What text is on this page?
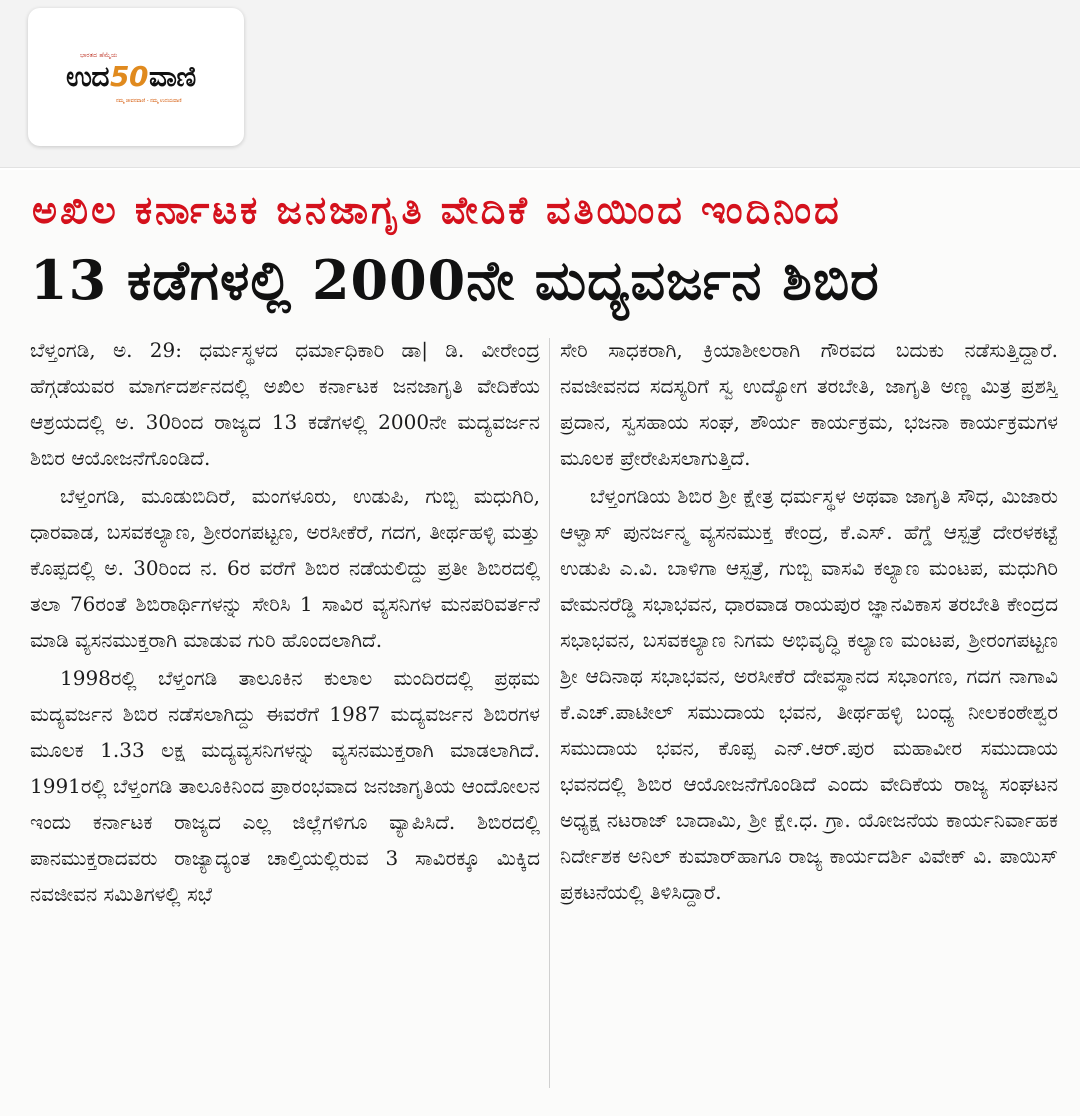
ಭಾರತದ ಹೆಮ್ಮೆಯ
ಉದ50ವಾಣಿ
ನಮ್ಮ ಜೀವನವಾಣಿ - ನಮ್ಮ ಉದಯವಾಣಿ
ಅಖಿಲ ಕರ್ನಾಟಕ ಜನಜಾಗೃತಿ ವೇದಿಕೆ ವತಿಯಿಂದ ಇಂದಿನಿಂದ
13 ಕಡೆಗಳಲ್ಲಿ 2000ನೇ ಮದ್ಯವರ್ಜನ ಶಿಬಿರ

ಬೆಳ್ತಂಗಡಿ, ಅ. 29: ಧರ್ಮಸ್ಥಳದ ಧರ್ಮಾಧಿಕಾರಿ ಡಾ| ಡಿ. ವೀರೇಂದ್ರ ಹೆಗ್ಗಡೆಯವರ ಮಾರ್ಗದರ್ಶನದಲ್ಲಿ ಅಖಿಲ ಕರ್ನಾಟಕ ಜನಜಾಗೃತಿ ವೇದಿಕೆಯ ಆಶ್ರಯದಲ್ಲಿ ಅ. 30ರಿಂದ ರಾಜ್ಯದ 13 ಕಡೆಗಳಲ್ಲಿ 2000ನೇ ಮದ್ಯವರ್ಜನ ಶಿಬಿರ ಆಯೋಜನೆಗೊಂಡಿದೆ.

ಬೆಳ್ತಂಗಡಿ, ಮೂಡುಬಿದಿರೆ, ಮಂಗಳೂರು, ಉಡುಪಿ, ಗುಬ್ಬಿ ಮಧುಗಿರಿ, ಧಾರವಾಡ, ಬಸವಕಲ್ಯಾಣ, ಶ್ರೀರಂಗಪಟ್ಟಣ, ಅರಸೀಕೆರೆ, ಗದಗ, ತೀರ್ಥಹಳ್ಳಿ ಮತ್ತು ಕೊಪ್ಪದಲ್ಲಿ ಅ. 30ರಿಂದ ನ. 6ರ ವರೆಗೆ ಶಿಬಿರ ನಡೆಯಲಿದ್ದು ಪ್ರತೀ ಶಿಬಿರದಲ್ಲಿ ತಲಾ 76ರಂತೆ ಶಿಬಿರಾರ್ಥಿಗಳನ್ನು ಸೇರಿಸಿ 1 ಸಾವಿರ ವ್ಯಸನಿಗಳ ಮನಪರಿವರ್ತನೆ ಮಾಡಿ ವ್ಯಸನಮುಕ್ತರಾಗಿ ಮಾಡುವ ಗುರಿ ಹೊಂದಲಾಗಿದೆ.

1998ರಲ್ಲಿ ಬೆಳ್ತಂಗಡಿ ತಾಲೂಕಿನ ಕುಲಾಲ ಮಂದಿರದಲ್ಲಿ ಪ್ರಥಮ ಮದ್ಯವರ್ಜನ ಶಿಬಿರ ನಡೆಸಲಾಗಿದ್ದು ಈವರೆಗೆ 1987 ಮದ್ಯವರ್ಜನ ಶಿಬಿರಗಳ ಮೂಲಕ 1.33 ಲಕ್ಷ ಮದ್ಯವ್ಯಸನಿಗಳನ್ನು ವ್ಯಸನಮುಕ್ತರಾಗಿ ಮಾಡಲಾಗಿದೆ. 1991ರಲ್ಲಿ ಬೆಳ್ತಂಗಡಿ ತಾಲೂಕಿನಿಂದ ಪ್ರಾರಂಭವಾದ ಜನಜಾಗೃತಿಯ ಆಂದೋಲನ ಇಂದು ಕರ್ನಾಟಕ ರಾಜ್ಯದ ಎಲ್ಲ ಜಿಲ್ಲೆಗಳಿಗೂ ವ್ಯಾಪಿಸಿದೆ. ಶಿಬಿರದಲ್ಲಿ ಪಾನಮುಕ್ತರಾದವರು ರಾಜ್ಯಾದ್ಯಂತ ಚಾಲ್ತಿಯಲ್ಲಿರುವ 3 ಸಾವಿರಕ್ಕೂ ಮಿಕ್ಕಿದ ನವಜೀವನ ಸಮಿತಿಗಳಲ್ಲಿ ಸಭೆ

ಸೇರಿ ಸಾಧಕರಾಗಿ, ಕ್ರಿಯಾಶೀಲರಾಗಿ ಗೌರವದ ಬದುಕು ನಡೆಸುತ್ತಿದ್ದಾರೆ. ನವಜೀವನದ ಸದಸ್ಯರಿಗೆ ಸ್ವ ಉದ್ಯೋಗ ತರಬೇತಿ, ಜಾಗೃತಿ ಅಣ್ಣ ಮಿತ್ರ ಪ್ರಶಸ್ತಿ ಪ್ರದಾನ, ಸ್ವಸಹಾಯ ಸಂಘ, ಶೌರ್ಯ ಕಾರ್ಯಕ್ರಮ, ಭಜನಾ ಕಾರ್ಯಕ್ರಮಗಳ ಮೂಲಕ ಪ್ರೇರೇಪಿಸಲಾಗುತ್ತಿದೆ.

ಬೆಳ್ತಂಗಡಿಯ ಶಿಬಿರ ಶ್ರೀ ಕ್ಷೇತ್ರ ಧರ್ಮಸ್ಥಳ ಅಥವಾ ಜಾಗೃತಿ ಸೌಧ, ಮಿಜಾರು ಆಳ್ವಾಸ್ ಪುನರ್ಜನ್ಮ ವ್ಯಸನಮುಕ್ತ ಕೇಂದ್ರ, ಕೆ.ಎಸ್. ಹೆಗ್ಡೆ ಆಸ್ಪತ್ರೆ ದೇರಳಕಟ್ಟೆ ಉಡುಪಿ ಎ.ವಿ. ಬಾಳಿಗಾ ಆಸ್ಪತ್ರೆ, ಗುಬ್ಬಿ ವಾಸವಿ ಕಲ್ಯಾಣ ಮಂಟಪ, ಮಧುಗಿರಿ ವೇಮನರೆಡ್ಡಿ ಸಭಾಭವನ, ಧಾರವಾಡ ರಾಯಪುರ ಜ್ಞಾನವಿಕಾಸ ತರಬೇತಿ ಕೇಂದ್ರದ ಸಭಾಭವನ, ಬಸವಕಲ್ಯಾಣ ನಿಗಮ ಅಭಿವೃದ್ಧಿ ಕಲ್ಯಾಣ ಮಂಟಪ, ಶ್ರೀರಂಗಪಟ್ಟಣ ಶ್ರೀ ಆದಿನಾಥ ಸಭಾಭವನ, ಅರಸೀಕೆರೆ ದೇವಸ್ಥಾನದ ಸಭಾಂಗಣ, ಗದಗ ನಾಗಾವಿ ಕೆ.ಎಚ್.ಪಾಟೀಲ್ ಸಮುದಾಯ ಭವನ, ತೀರ್ಥಹಳ್ಳಿ ಬಂಧ್ಯ ನೀಲಕಂಠೇಶ್ವರ ಸಮುದಾಯ ಭವನ, ಕೊಪ್ಪ ಎನ್.ಆರ್.ಪುರ ಮಹಾವೀರ ಸಮುದಾಯ ಭವನದಲ್ಲಿ ಶಿಬಿರ ಆಯೋಜನೆಗೊಂಡಿದೆ ಎಂದು ವೇದಿಕೆಯ ರಾಜ್ಯ ಸಂಘಟನ ಅಧ್ಯಕ್ಷ ನಟರಾಜ್ ಬಾದಾಮಿ, ಶ್ರೀ ಕ್ಷೇ.ಧ. ಗ್ರಾ. ಯೋಜನೆಯ ಕಾರ್ಯನಿರ್ವಾಹಕ ನಿರ್ದೇಶಕ ಅನಿಲ್ ಕುಮಾರ್‌ಹಾಗೂ ರಾಜ್ಯ ಕಾರ್ಯದರ್ಶಿ ವಿವೇಕ್ ವಿ. ಪಾಯಿಸ್ ಪ್ರಕಟನೆಯಲ್ಲಿ ತಿಳಿಸಿದ್ದಾರೆ.
